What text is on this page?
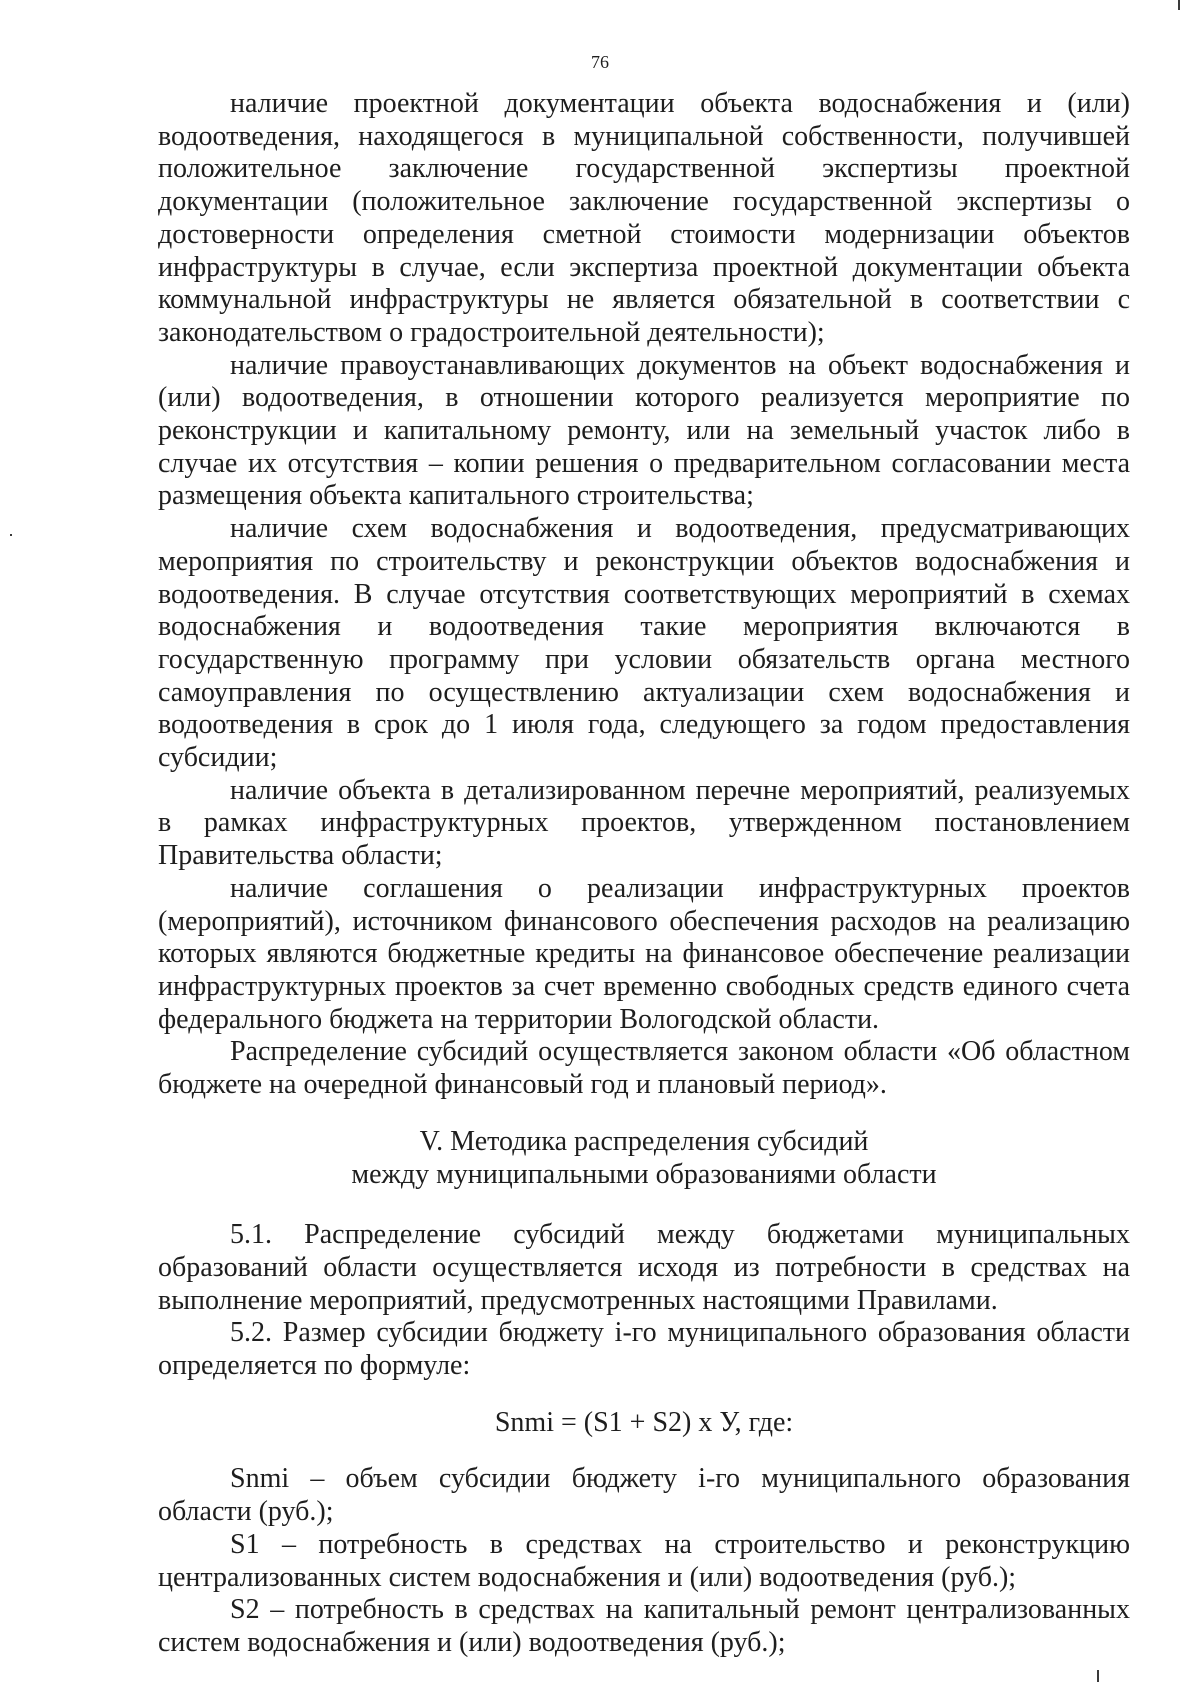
76

наличие проектной документации объекта водоснабжения и (или) водоотведения, находящегося в муниципальной собственности, получившей положительное заключение государственной экспертизы проектной документации (положительное заключение государственной экспертизы о достоверности определения сметной стоимости модернизации объектов инфраструктуры в случае, если экспертиза проектной документации объекта коммунальной инфраструктуры не является обязательной в соответствии с законодательством о градостроительной деятельности);

наличие правоустанавливающих документов на объект водоснабжения и (или) водоотведения, в отношении которого реализуется мероприятие по реконструкции и капитальному ремонту, или на земельный участок либо в случае их отсутствия – копии решения о предварительном согласовании места размещения объекта капитального строительства;

наличие схем водоснабжения и водоотведения, предусматривающих мероприятия по строительству и реконструкции объектов водоснабжения и водоотведения. В случае отсутствия соответствующих мероприятий в схемах водоснабжения и водоотведения такие мероприятия включаются в государственную программу при условии обязательств органа местного самоуправления по осуществлению актуализации схем водоснабжения и водоотведения в срок до 1 июля года, следующего за годом предоставления субсидии;

наличие объекта в детализированном перечне мероприятий, реализуемых в рамках инфраструктурных проектов, утвержденном постановлением Правительства области;

наличие соглашения о реализации инфраструктурных проектов (мероприятий), источником финансового обеспечения расходов на реализацию которых являются бюджетные кредиты на финансовое обеспечение реализации инфраструктурных проектов за счет временно свободных средств единого счета федерального бюджета на территории Вологодской области.

Распределение субсидий осуществляется законом области «Об областном бюджете на очередной финансовый год и плановый период».

V. Методика распределения субсидий
между муниципальными образованиями области

5.1. Распределение субсидий между бюджетами муниципальных образований области осуществляется исходя из потребности в средствах на выполнение мероприятий, предусмотренных настоящими Правилами.

5.2. Размер субсидии бюджету i-го муниципального образования области определяется по формуле:

Snmi = (S1 + S2) x У, где:

Snmi – объем субсидии бюджету i-го муниципального образования области (руб.);

S1 – потребность в средствах на строительство и реконструкцию централизованных систем водоснабжения и (или) водоотведения (руб.);

S2 – потребность в средствах на капитальный ремонт централизованных систем водоснабжения и (или) водоотведения (руб.);
